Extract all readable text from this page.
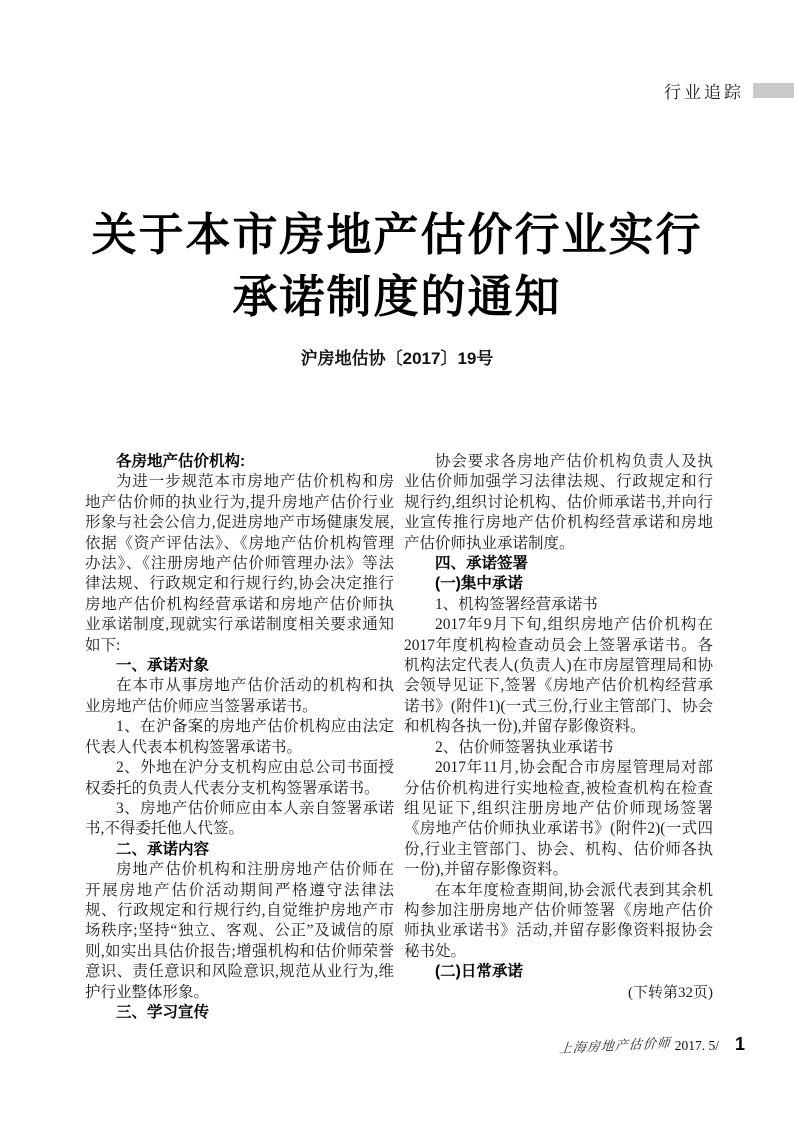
行业追踪
关于本市房地产估价行业实行
承诺制度的通知
沪房地估协〔2017〕19号

各房地产估价机构:

为进一步规范本市房地产估价机构和房地产估价师的执业行为,提升房地产估价行业形象与社会公信力,促进房地产市场健康发展,依据《资产评估法》、《房地产估价机构管理办法》、《注册房地产估价师管理办法》等法律法规、行政规定和行规行约,协会决定推行房地产估价机构经营承诺和房地产估价师执业承诺制度,现就实行承诺制度相关要求通知如下:

一、承诺对象

在本市从事房地产估价活动的机构和执业房地产估价师应当签署承诺书。

1、在沪备案的房地产估价机构应由法定代表人代表本机构签署承诺书。

2、外地在沪分支机构应由总公司书面授权委托的负责人代表分支机构签署承诺书。

3、房地产估价师应由本人亲自签署承诺书,不得委托他人代签。

二、承诺内容

房地产估价机构和注册房地产估价师在开展房地产估价活动期间严格遵守法律法规、行政规定和行规行约,自觉维护房地产市场秩序;坚持“独立、客观、公正”及诚信的原则,如实出具估价报告;增强机构和估价师荣誉意识、责任意识和风险意识,规范从业行为,维护行业整体形象。

三、学习宣传

协会要求各房地产估价机构负责人及执业估价师加强学习法律法规、行政规定和行规行约,组织讨论机构、估价师承诺书,并向行业宣传推行房地产估价机构经营承诺和房地产估价师执业承诺制度。

四、承诺签署

(一)集中承诺

1、机构签署经营承诺书

2017年9月下旬,组织房地产估价机构在2017年度机构检查动员会上签署承诺书。各机构法定代表人(负责人)在市房屋管理局和协会领导见证下,签署《房地产估价机构经营承诺书》(附件1)(一式三份,行业主管部门、协会和机构各执一份),并留存影像资料。

2、估价师签署执业承诺书

2017年11月,协会配合市房屋管理局对部分估价机构进行实地检查,被检查机构在检查组见证下,组织注册房地产估价师现场签署《房地产估价师执业承诺书》(附件2)(一式四份,行业主管部门、协会、机构、估价师各执一份),并留存影像资料。

在本年度检查期间,协会派代表到其余机构参加注册房地产估价师签署《房地产估价师执业承诺书》活动,并留存影像资料报协会秘书处。

(二)日常承诺

(下转第32页)

上海房地产估价师 2017. 5/ 1
